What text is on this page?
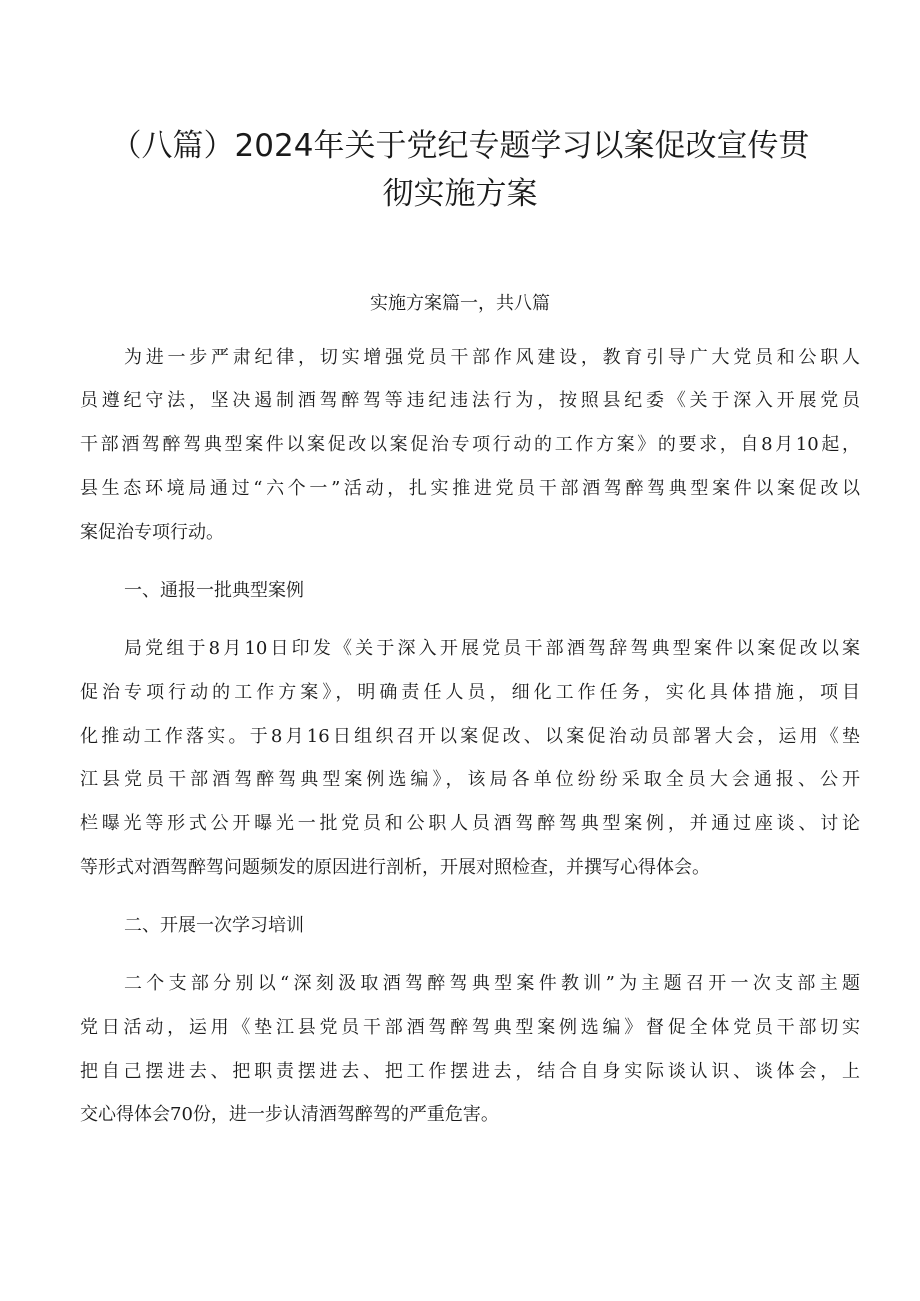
（八篇）2024年关于党纪专题学习以案促改宣传贯
彻实施方案
实施方案篇一，共八篇
为进一步严肃纪律，切实增强党员干部作风建设，教育引导广大党员和公职人
员遵纪守法，坚决遏制酒驾醉驾等违纪违法行为，按照县纪委《关于深入开展党员
干部酒驾醉驾典型案件以案促改以案促治专项行动的工作方案》的要求，自8月10起，
县生态环境局通过“六个一”活动，扎实推进党员干部酒驾醉驾典型案件以案促改以
案促治专项行动。
一、通报一批典型案例
局党组于8月10日印发《关于深入开展党员干部酒驾辞驾典型案件以案促改以案
促治专项行动的工作方案》，明确责任人员，细化工作任务，实化具体措施，项目
化推动工作落实。于8月16日组织召开以案促改、以案促治动员部署大会，运用《垫
江县党员干部酒驾醉驾典型案例选编》，该局各单位纷纷采取全员大会通报、公开
栏曝光等形式公开曝光一批党员和公职人员酒驾醉驾典型案例，并通过座谈、讨论
等形式对酒驾醉驾问题频发的原因进行剖析，开展对照检查，并撰写心得体会。
二、开展一次学习培训
二个支部分别以“深刻汲取酒驾醉驾典型案件教训”为主题召开一次支部主题
党日活动，运用《垫江县党员干部酒驾醉驾典型案例选编》督促全体党员干部切实
把自己摆进去、把职责摆进去、把工作摆进去，结合自身实际谈认识、谈体会，上
交心得体会70份，进一步认清酒驾醉驾的严重危害。
